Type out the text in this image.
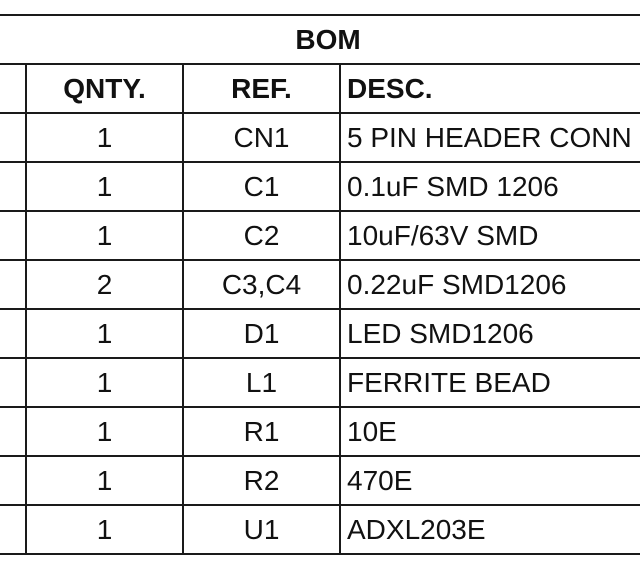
BOM			
	QNTY.	REF.	DESC.
	1	CN1	5 PIN HEADER CONN
	1	C1	0.1uF SMD 1206
	1	C2	10uF/63V SMD
	2	C3,C4	0.22uF SMD1206
	1	D1	LED SMD1206
	1	L1	FERRITE BEAD
	1	R1	10E
	1	R2	470E
	1	U1	ADXL203E
